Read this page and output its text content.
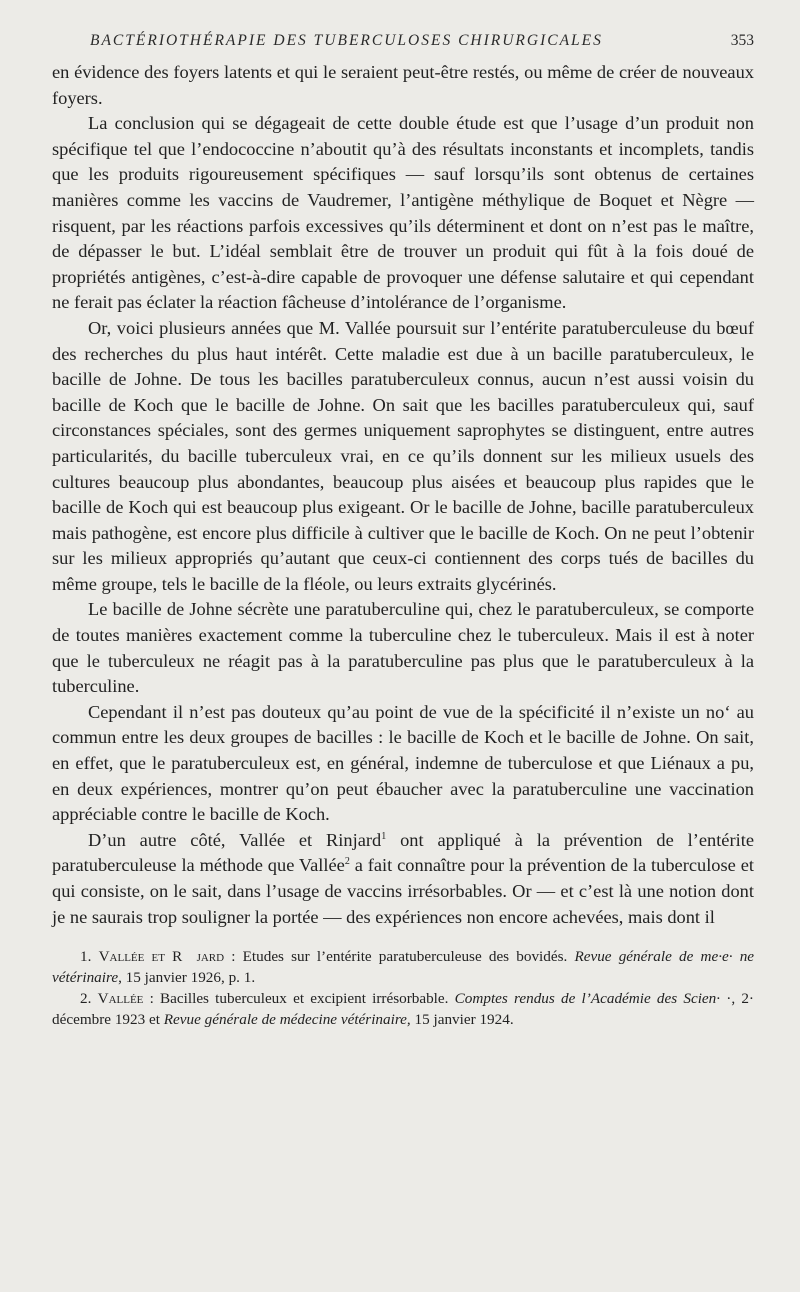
BACTÉRIOTHÉRAPIE DES TUBERCULOSES CHIRURGICALES	353

en évidence des foyers latents et qui le seraient peut-être restés, ou même de créer de nouveaux foyers.

La conclusion qui se dégageait de cette double étude est que l’usage d’un produit non spécifique tel que l’endococcine n’aboutit qu’à des résultats inconstants et incomplets, tandis que les produits rigoureusement spécifiques — sauf lorsqu’ils sont obtenus de certaines manières comme les vaccins de Vaudremer, l’antigène méthylique de Boquet et Nègre — risquent, par les réactions parfois excessives qu’ils déterminent et dont on n’est pas le maître, de dépasser le but. L’idéal semblait être de trouver un produit qui fût à la fois doué de propriétés antigènes, c’est-à-dire capable de provoquer une défense salutaire et qui cependant ne ferait pas éclater la réaction fâcheuse d’intolérance de l’organisme.

Or, voici plusieurs années que M. Vallée poursuit sur l’entérite paratuberculeuse du bœuf des recherches du plus haut intérêt. Cette maladie est due à un bacille paratuberculeux, le bacille de Johne. De tous les bacilles paratuberculeux connus, aucun n’est aussi voisin du bacille de Koch que le bacille de Johne. On sait que les bacilles paratuberculeux qui, sauf circonstances spéciales, sont des germes uniquement saprophytes se distinguent, entre autres particularités, du bacille tuberculeux vrai, en ce qu’ils donnent sur les milieux usuels des cultures beaucoup plus abondantes, beaucoup plus aisées et beaucoup plus rapides que le bacille de Koch qui est beaucoup plus exigeant. Or le bacille de Johne, bacille paratuberculeux mais pathogène, est encore plus difficile à cultiver que le bacille de Koch. On ne peut l’obtenir sur les milieux appropriés qu’autant que ceux-ci contiennent des corps tués de bacilles du même groupe, tels le bacille de la fléole, ou leurs extraits glycérinés.

Le bacille de Johne sécrète une paratuberculine qui, chez le paratuberculeux, se comporte de toutes manières exactement comme la tuberculine chez le tuberculeux. Mais il est à noter que le tuberculeux ne réagit pas à la paratuberculine pas plus que le paratuberculeux à la tuberculine.

Cependant il n’est pas douteux qu’au point de vue de la spécificité il n’existe un no‘ au commun entre les deux groupes de bacilles : le bacille de Koch et le bacille de Johne. On sait, en effet, que le paratuberculeux est, en général, indemne de tuberculose et que Liénaux a pu, en deux expériences, montrer qu’on peut ébaucher avec la paratuberculine une vaccination appréciable contre le bacille de Koch.

D’un autre côté, Vallée et Rinjard$^1$ ont appliqué à la prévention de l’entérite paratuberculeuse la méthode que Vallée$^2$ a fait connaître pour la prévention de la tuberculose et qui consiste, on le sait, dans l’usage de vaccins irrésorbables. Or — et c’est là une notion dont je ne saurais trop souligner la portée — des expériences non encore achevées, mais dont il

1. Vallée et R jard : Etudes sur l’entérite paratuberculeuse des bovidés. Revue générale de me·e· ne vétérinaire, 15 janvier 1926, p. 1.

2. Vallée : Bacilles tuberculeux et excipient irrésorbable. Comptes rendus de l’Académie des Scien· ·, 2· décembre 1923 et Revue générale de médecine vétérinaire, 15 janvier 1924.
